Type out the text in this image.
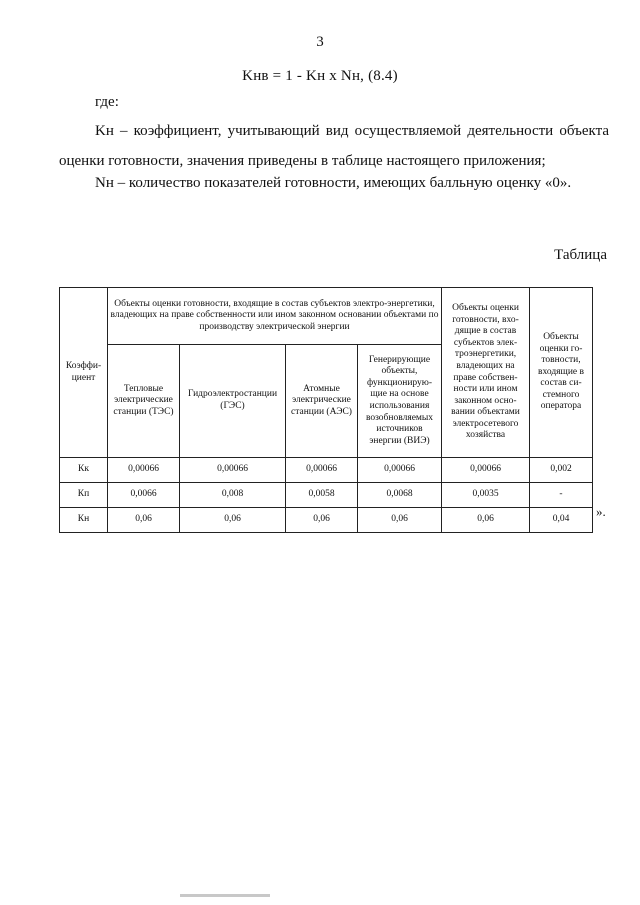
3
Kнв = 1 - Kн x Nн, (8.4)
где:
Kн – коэффициент, учитывающий вид осуществляемой деятельности объекта оценки готовности, значения приведены в таблице настоящего приложения;
Nн – количество показателей готовности, имеющих балльную оценку «0».
Таблица
Коэффи-циент	Объекты оценки готовности, входящие в состав субъектов электро-энергетики, владеющих на праве собственности или ином законном основании объектами по производству электрической энергии				Объекты оценки готовности, вхо-дящие в состав субъектов элек-троэнергетики, владеющих на праве собствен-ности или ином законном осно-вании объектами электросетевого хозяйства	Объекты оценки го-товности, входящие в состав си-стемного оператора
	Тепловые электрические станции (ТЭС)	Гидроэлектростанции (ГЭС)	Атомные электрические станции (АЭС)	Генерирующие объекты, функционирую-щие на основе использования возобновляемых источников энергии (ВИЭ)		
Кк	0,00066	0,00066	0,00066	0,00066	0,00066	0,002
Кп	0,0066	0,008	0,0058	0,0068	0,0035	-
Кн	0,06	0,06	0,06	0,06	0,06	0,04
».
